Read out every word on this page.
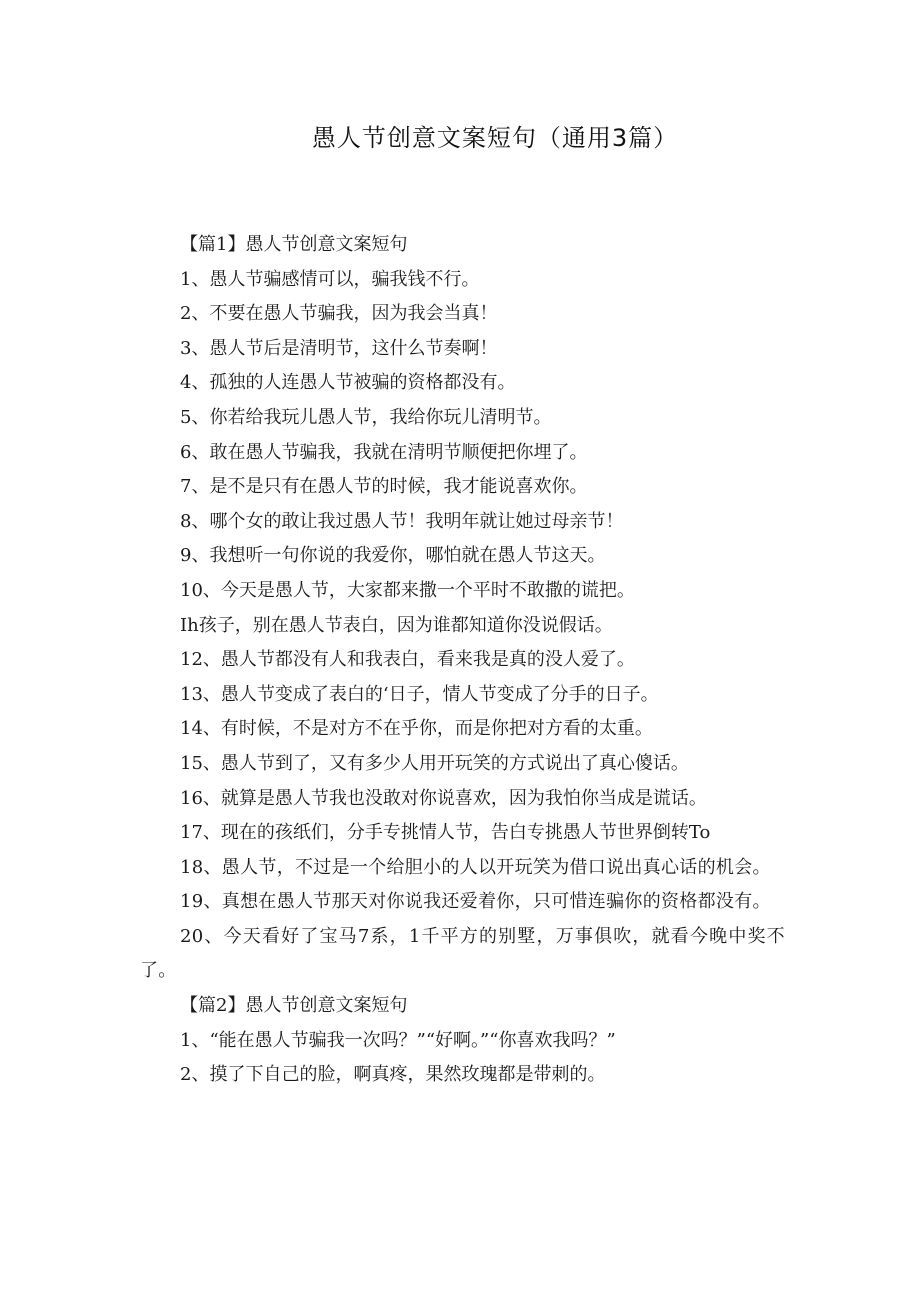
愚人节创意文案短句（通用3篇）

【篇1】愚人节创意文案短句

1、愚人节骗感情可以，骗我钱不行。

2、不要在愚人节骗我，因为我会当真！

3、愚人节后是清明节，这什么节奏啊！

4、孤独的人连愚人节被骗的资格都没有。

5、你若给我玩儿愚人节，我给你玩儿清明节。

6、敢在愚人节骗我，我就在清明节顺便把你埋了。

7、是不是只有在愚人节的时候，我才能说喜欢你。

8、哪个女的敢让我过愚人节！我明年就让她过母亲节！

9、我想听一句你说的我爱你，哪怕就在愚人节这天。

10、今天是愚人节，大家都来撒一个平时不敢撒的谎把。

Ih孩子，别在愚人节表白，因为谁都知道你没说假话。

12、愚人节都没有人和我表白，看来我是真的没人爱了。

13、愚人节变成了表白的‘日子，情人节变成了分手的日子。

14、有时候，不是对方不在乎你，而是你把对方看的太重。

15、愚人节到了，又有多少人用开玩笑的方式说出了真心傻话。

16、就算是愚人节我也没敢对你说喜欢，因为我怕你当成是谎话。

17、现在的孩纸们，分手专挑情人节，告白专挑愚人节世界倒转To

18、愚人节，不过是一个给胆小的人以开玩笑为借口说出真心话的机会。

19、真想在愚人节那天对你说我还爱着你，只可惜连骗你的资格都没有。

20、今天看好了宝马7系，1千平方的别墅，万事俱吹，就看今晚中奖不了。

【篇2】愚人节创意文案短句

1、“能在愚人节骗我一次吗？”“好啊。”“你喜欢我吗？”

2、摸了下自己的脸，啊真疼，果然玫瑰都是带刺的。
